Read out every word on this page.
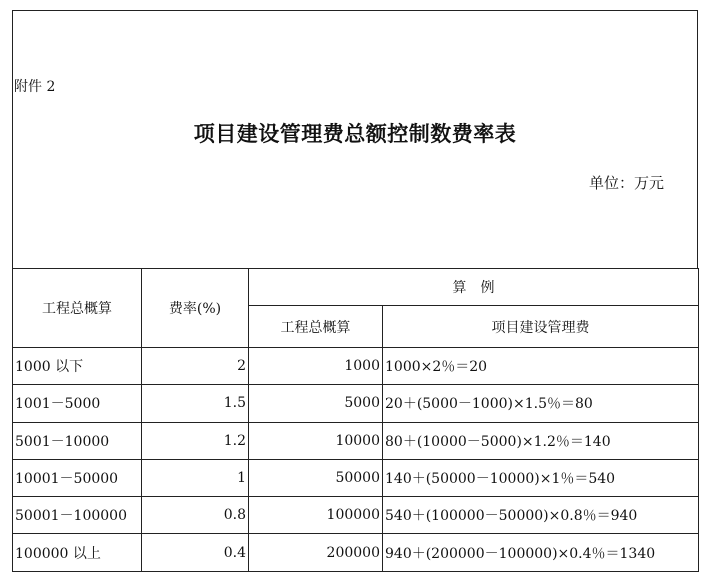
附件 2
项目建设管理费总额控制数费率表
单位：万元
工程总概算	费率(%)	算　例	
		工程总概算	项目建设管理费
1000 以下	2	1000	1000×2％＝20
1001－5000	1.5	5000	20＋(5000－1000)×1.5％＝80
5001－10000	1.2	10000	80＋(10000－5000)×1.2％＝140
10001－50000	1	50000	140＋(50000－10000)×1％＝540
50001－100000	0.8	100000	540＋(100000－50000)×0.8％＝940
100000 以上	0.4	200000	940＋(200000－100000)×0.4％＝1340
